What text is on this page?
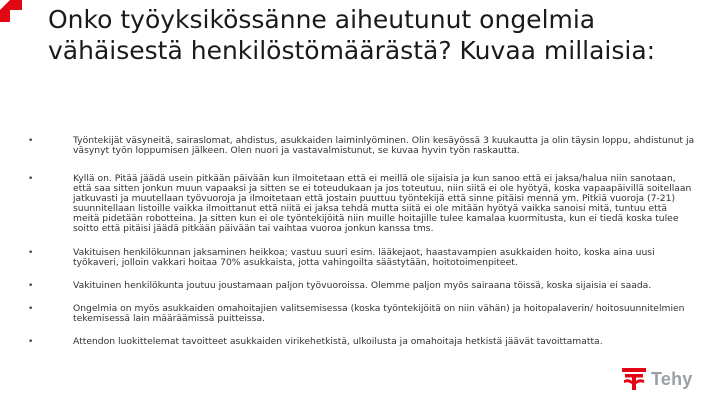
Onko työyksikössänne aiheutunut ongelmia vähäisestä henkilöstömäärästä? Kuvaa millaisia:
•	Työntekijät väsyneitä, sairaslomat, ahdistus, asukkaiden laiminlyöminen. Olin kesäyössä 3 kuukautta ja olin täysin loppu, ahdistunut ja väsynyt työn loppumisen jälkeen. Olen nuori ja vastavalmistunut, se kuvaa hyvin työn raskautta.
•	Kyllä on. Pitää jäädä usein pitkään päivään kun ilmoitetaan että ei meillä ole sijaisia ja kun sanoo että ei jaksa/halua niin sanotaan, että saa sitten jonkun muun vapaaksi ja sitten se ei toteudukaan ja jos toteutuu, niin siitä ei ole hyötyä, koska vapaapäivillä soitellaan jatkuvasti ja muutellaan työvuoroja ja ilmoitetaan että jostain puuttuu työntekijä että sinne pitäisi mennä ym. Pitkiä vuoroja (7-21) suunnitellaan listoille vaikka ilmoittanut että niitä ei jaksa tehdä mutta siitä ei ole mitään hyötyä vaikka sanoisi mitä, tuntuu että meitä pidetään robotteina. Ja sitten kun ei ole työntekijöitä niin muille hoitajille tulee kamalaa kuormitusta, kun ei tiedä koska tulee soitto että pitäisi jäädä pitkään päivään tai vaihtaa vuoroa jonkun kanssa tms.
•	Vakituisen henkilökunnan jaksaminen heikkoa; vastuu suuri esim. lääkejaot, haastavampien asukkaiden hoito, koska aina uusi työkaveri, jolloin vakkari hoitaa 70% asukkaista, jotta vahingoilta säästytään, hoitotoimenpiteet.
•	Vakituinen henkilökunta joutuu joustamaan paljon työvuoroissa. Olemme paljon myös sairaana töissä, koska sijaisia ei saada.
•	Ongelmia on myös asukkaiden omahoitajien valitsemisessa (koska työntekijöitä on niin vähän) ja hoitopalaverin/ hoitosuunnitelmien tekemisessä lain määräämissä puitteissa.
•	Attendon luokittelemat tavoitteet asukkaiden virikehetkistä, ulkoilusta ja omahoitaja hetkistä jäävät tavoittamatta.
Tehy
